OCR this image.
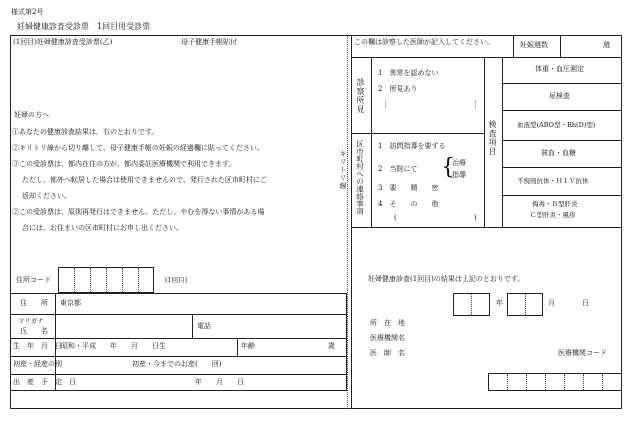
様式第2号
妊婦健康診査受診票　1回目用受診票
(1回目)妊婦健康診査受診票(乙)	母子健康手帳貼付
妊婦の方へ
①あなたの健康診査結果は、右のとおりです。
②キリトリ線から切り離して、母子健康手帳の妊娠の経過欄に貼ってください。
③この受診票は、都内在住の方が、都内委託医療機関で利用できます。
ただし、都外へ転居した場合は使用できませんので、発行された区市町村にご
返却ください。
②この受診票は、原則再発行はできません。ただし、やむを得ない事情がある場
合には、お住まいの区市町村にお申し出ください。
住所コード	(1回目)
住　　所 東京都
フリガナ
氏　　名
電話
生　年　月　日 昭和・平成　　年　　月　　日生	年齢	歳
初産・経産の別	初産・今までのお産(　　回)
出　産　予　定　日	年　　月　　日
キリトリ線
この欄は診察した医師が記入してください。	妊娠週数	週
診察所見
1　異常を認めない
2　所見あり
［	］
区市町村への連絡事項 1　訪問指導を要する
2　当院にて {
治療
指導
3　要　　精　　密
4　そ　　の　　他
(	)
検査項目
体重・血圧測定
尿検査
血液型(ABO型・Rh(D)型)
貧血・血糖
不規則抗体・ＨＩＶ抗体
梅毒・Ｂ型肝炎
Ｃ型肝炎・風疹
妊婦健康診査(1回目)の結果は上記のとおりです。
年	月	日
所　在　地
医療機関名
医　師　名	医療機関コード
